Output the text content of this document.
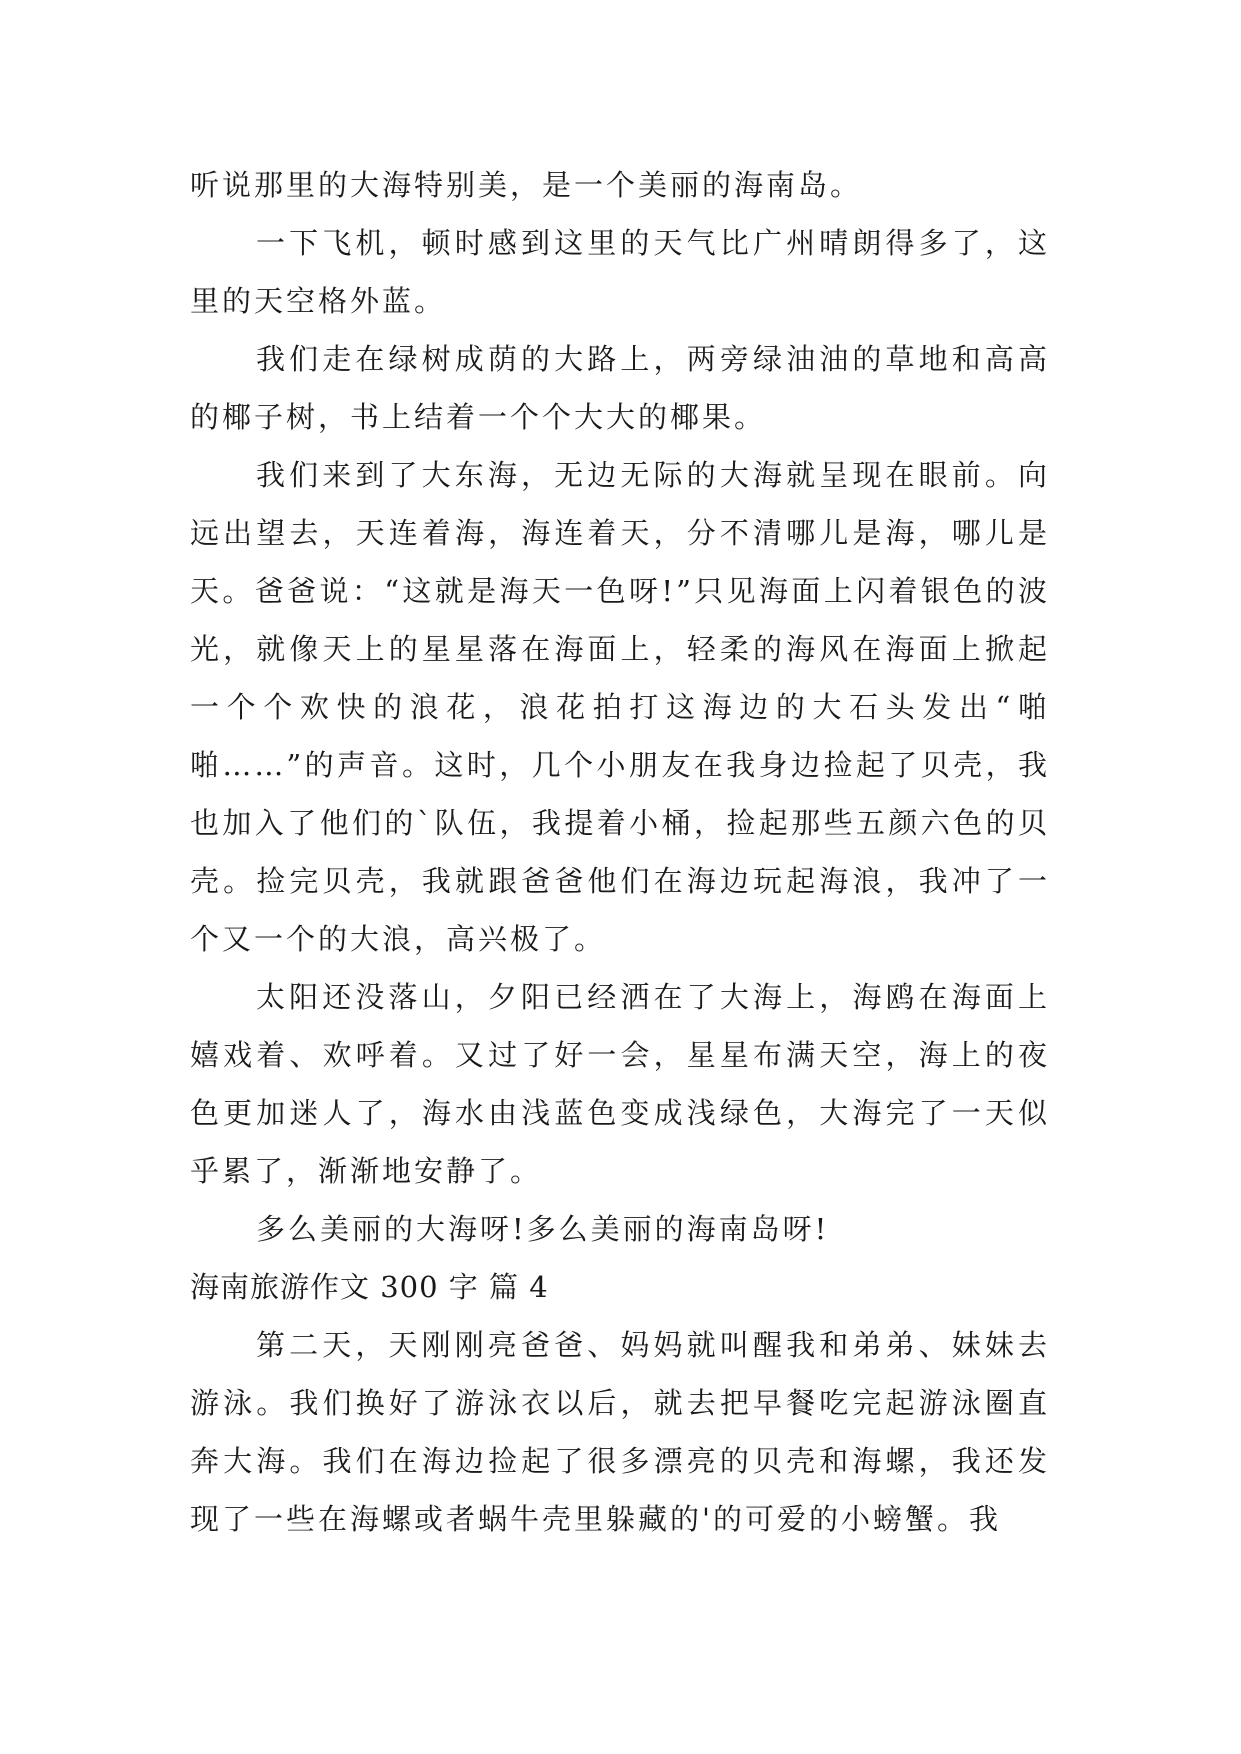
听说那里的大海特别美，是一个美丽的海南岛。

一下飞机，顿时感到这里的天气比广州晴朗得多了，这里的天空格外蓝。

我们走在绿树成荫的大路上，两旁绿油油的草地和高高的椰子树，书上结着一个个大大的椰果。

我们来到了大东海，无边无际的大海就呈现在眼前。向远出望去，天连着海，海连着天，分不清哪儿是海，哪儿是天。爸爸说：“这就是海天一色呀!”只见海面上闪着银色的波光，就像天上的星星落在海面上，轻柔的海风在海面上掀起一个个欢快的浪花，浪花拍打这海边的大石头发出“啪啪……”的声音。这时，几个小朋友在我身边捡起了贝壳，我也加入了他们的`队伍，我提着小桶，捡起那些五颜六色的贝壳。捡完贝壳，我就跟爸爸他们在海边玩起海浪，我冲了一个又一个的大浪，高兴极了。

太阳还没落山，夕阳已经洒在了大海上，海鸥在海面上嬉戏着、欢呼着。又过了好一会，星星布满天空，海上的夜色更加迷人了，海水由浅蓝色变成浅绿色，大海完了一天似乎累了，渐渐地安静了。

多么美丽的大海呀!多么美丽的海南岛呀!

海南旅游作文 300 字 篇 4

第二天，天刚刚亮爸爸、妈妈就叫醒我和弟弟、妹妹去游泳。我们换好了游泳衣以后，就去把早餐吃完起游泳圈直奔大海。我们在海边捡起了很多漂亮的贝壳和海螺，我还发现了一些在海螺或者蜗牛壳里躲藏的'的可爱的小螃蟹。我
